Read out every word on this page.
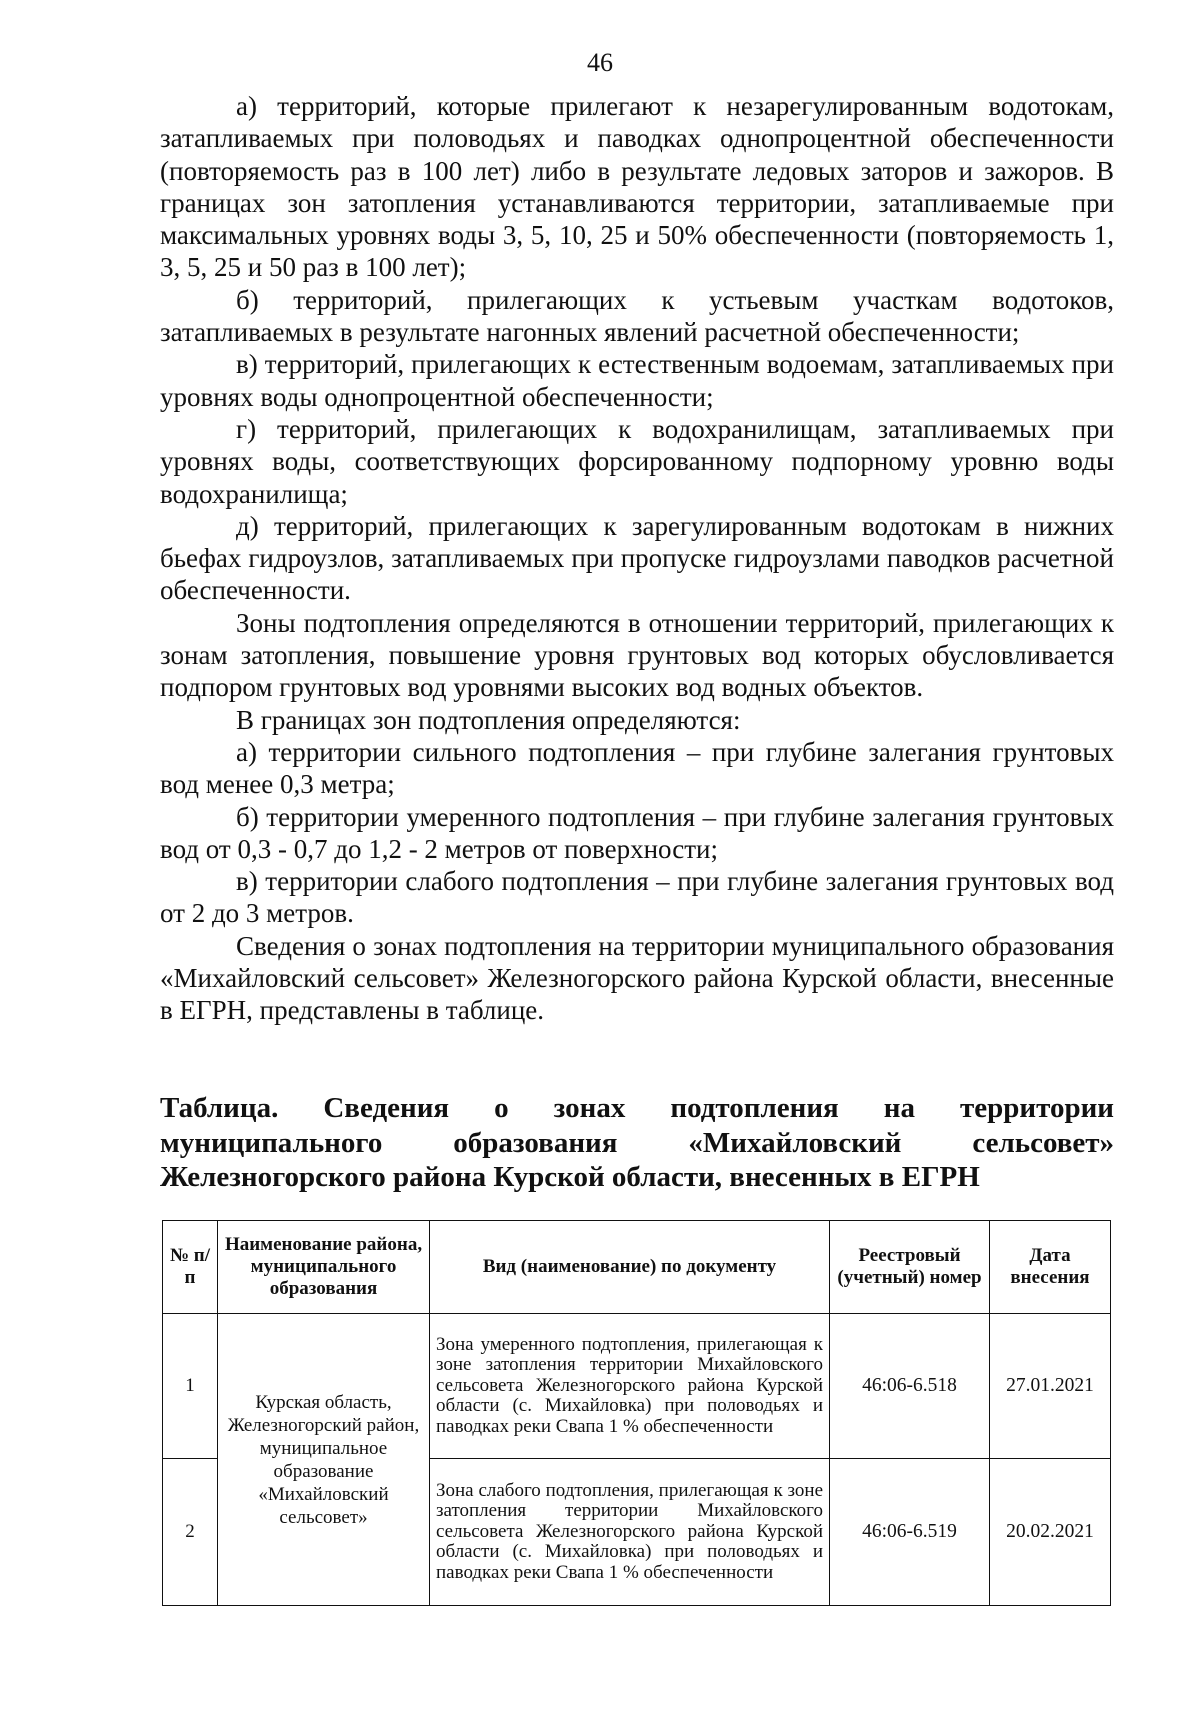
46

а) территорий, которые прилегают к незарегулированным водотокам, затапливаемых при половодьях и паводках однопроцентной обеспеченности (повторяемость раз в 100 лет) либо в результате ледовых заторов и зажоров. В границах зон затопления устанавливаются территории, затапливаемые при максимальных уровнях воды 3, 5, 10, 25 и 50% обеспеченности (повторяемость 1, 3, 5, 25 и 50 раз в 100 лет);

б) территорий, прилегающих к устьевым участкам водотоков, затапливаемых в результате нагонных явлений расчетной обеспеченности;

в) территорий, прилегающих к естественным водоемам, затапливаемых при уровнях воды однопроцентной обеспеченности;

г) территорий, прилегающих к водохранилищам, затапливаемых при уровнях воды, соответствующих форсированному подпорному уровню воды водохранилища;

д) территорий, прилегающих к зарегулированным водотокам в нижних бьефах гидроузлов, затапливаемых при пропуске гидроузлами паводков расчетной обеспеченности.

Зоны подтопления определяются в отношении территорий, прилегающих к зонам затопления, повышение уровня грунтовых вод которых обусловливается подпором грунтовых вод уровнями высоких вод водных объектов.

В границах зон подтопления определяются:

а) территории сильного подтопления – при глубине залегания грунтовых вод менее 0,3 метра;

б) территории умеренного подтопления – при глубине залегания грунтовых вод от 0,3 - 0,7 до 1,2 - 2 метров от поверхности;

в) территории слабого подтопления – при глубине залегания грунтовых вод от 2 до 3 метров.

Сведения о зонах подтопления на территории муниципального образования «Михайловский сельсовет» Железногорского района Курской области, внесенные в ЕГРН, представлены в таблице.

Таблица. Сведения о зонах подтопления на территории муниципального образования «Михайловский сельсовет» Железногорского района Курской области, внесенных в ЕГРН
№ п/п	Наименование района, муниципального образования	Вид (наименование) по документу	Реестровый (учетный) номер	Дата внесения
1	Курская область, Железногорский район, муниципальное образование «Михайловский сельсовет»	Зона умеренного подтопления, прилегающая к зоне затопления территории Михайловского сельсовета Железногорского района Курской области (с. Михайловка) при половодьях и паводках реки Свапа 1 % обеспеченности	46:06-6.518	27.01.2021
2		Зона слабого подтопления, прилегающая к зоне затопления территории Михайловского сельсовета Железногорского района Курской области (с. Михайловка) при половодьях и паводках реки Свапа 1 % обеспеченности	46:06-6.519	20.02.2021
